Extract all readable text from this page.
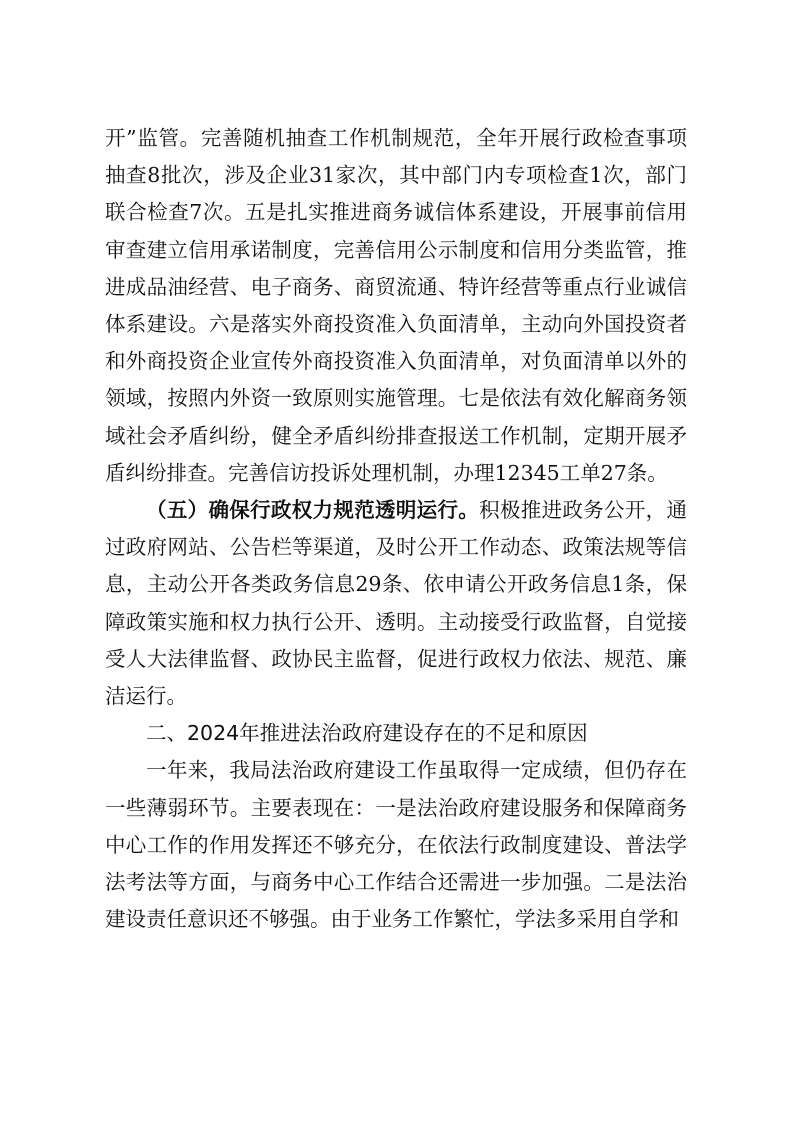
开”监管。完善随机抽查工作机制规范，全年开展行政检查事项抽查8批次，涉及企业31家次，其中部门内专项检查1次，部门联合检查7次。五是扎实推进商务诚信体系建设，开展事前信用审查建立信用承诺制度，完善信用公示制度和信用分类监管，推进成品油经营、电子商务、商贸流通、特许经营等重点行业诚信体系建设。六是落实外商投资准入负面清单，主动向外国投资者和外商投资企业宣传外商投资准入负面清单，对负面清单以外的领域，按照内外资一致原则实施管理。七是依法有效化解商务领域社会矛盾纠纷，健全矛盾纠纷排查报送工作机制，定期开展矛盾纠纷排查。完善信访投诉处理机制，办理12345工单27条。

（五）确保行政权力规范透明运行。积极推进政务公开，通过政府网站、公告栏等渠道，及时公开工作动态、政策法规等信息，主动公开各类政务信息29条、依申请公开政务信息1条，保障政策实施和权力执行公开、透明。主动接受行政监督，自觉接受人大法律监督、政协民主监督，促进行政权力依法、规范、廉洁运行。

二、2024年推进法治政府建设存在的不足和原因

一年来，我局法治政府建设工作虽取得一定成绩，但仍存在一些薄弱环节。主要表现在：一是法治政府建设服务和保障商务中心工作的作用发挥还不够充分，在依法行政制度建设、普法学法考法等方面，与商务中心工作结合还需进一步加强。二是法治建设责任意识还不够强。由于业务工作繁忙，学法多采用自学和
